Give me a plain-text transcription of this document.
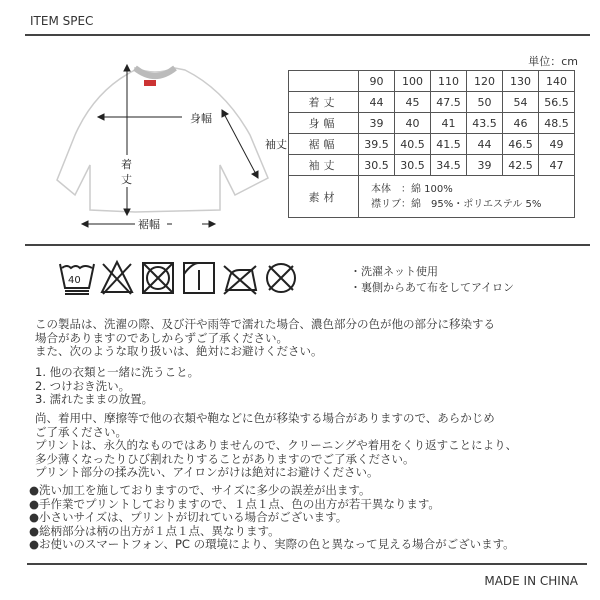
ITEM SPEC
身幅
袖丈
着
丈
裾幅
単位：cm
	90	100	110	120	130	140
着丈	44	45	47.5	50	54	56.5
身幅	39	40	41	43.5	46	48.5
裾幅	39.5	40.5	41.5	44	46.5	49
袖丈	30.5	30.5	34.5	39	42.5	47
素材	本体　：綿 100%
襟リブ：綿　95%・ポリエステル 5%					
40
・洗濯ネット使用
・裏側からあて布をしてアイロン
この製品は、洗濯の際、及び汗や雨等で濡れた場合、濃色部分の色が他の部分に移染する
場合がありますのであしからずご了承ください。
また、次のような取り扱いは、絶対にお避けください。
1. 他の衣類と一緒に洗うこと。
2. つけおき洗い。
3. 濡れたままの放置。
尚、着用中、摩擦等で他の衣類や鞄などに色が移染する場合がありますので、あらかじめ
ご了承ください。
プリントは、永久的なものではありませんので、クリーニングや着用をくり返すことにより、
多少薄くなったりひび割れたりすることがありますのでご了承ください。
プリント部分の揉み洗い、アイロンがけは絶対にお避けください。
●洗い加工を施しておりますので、サイズに多少の誤差が出ます。
●手作業でプリントしておりますので、１点１点、色の出方が若干異なります。
●小さいサイズは、プリントが切れている場合がございます。
●総柄部分は柄の出方が１点１点、異なります。
●お使いのスマートフォン、PC の環境により、実際の色と異なって見える場合がございます。
MADE IN CHINA
